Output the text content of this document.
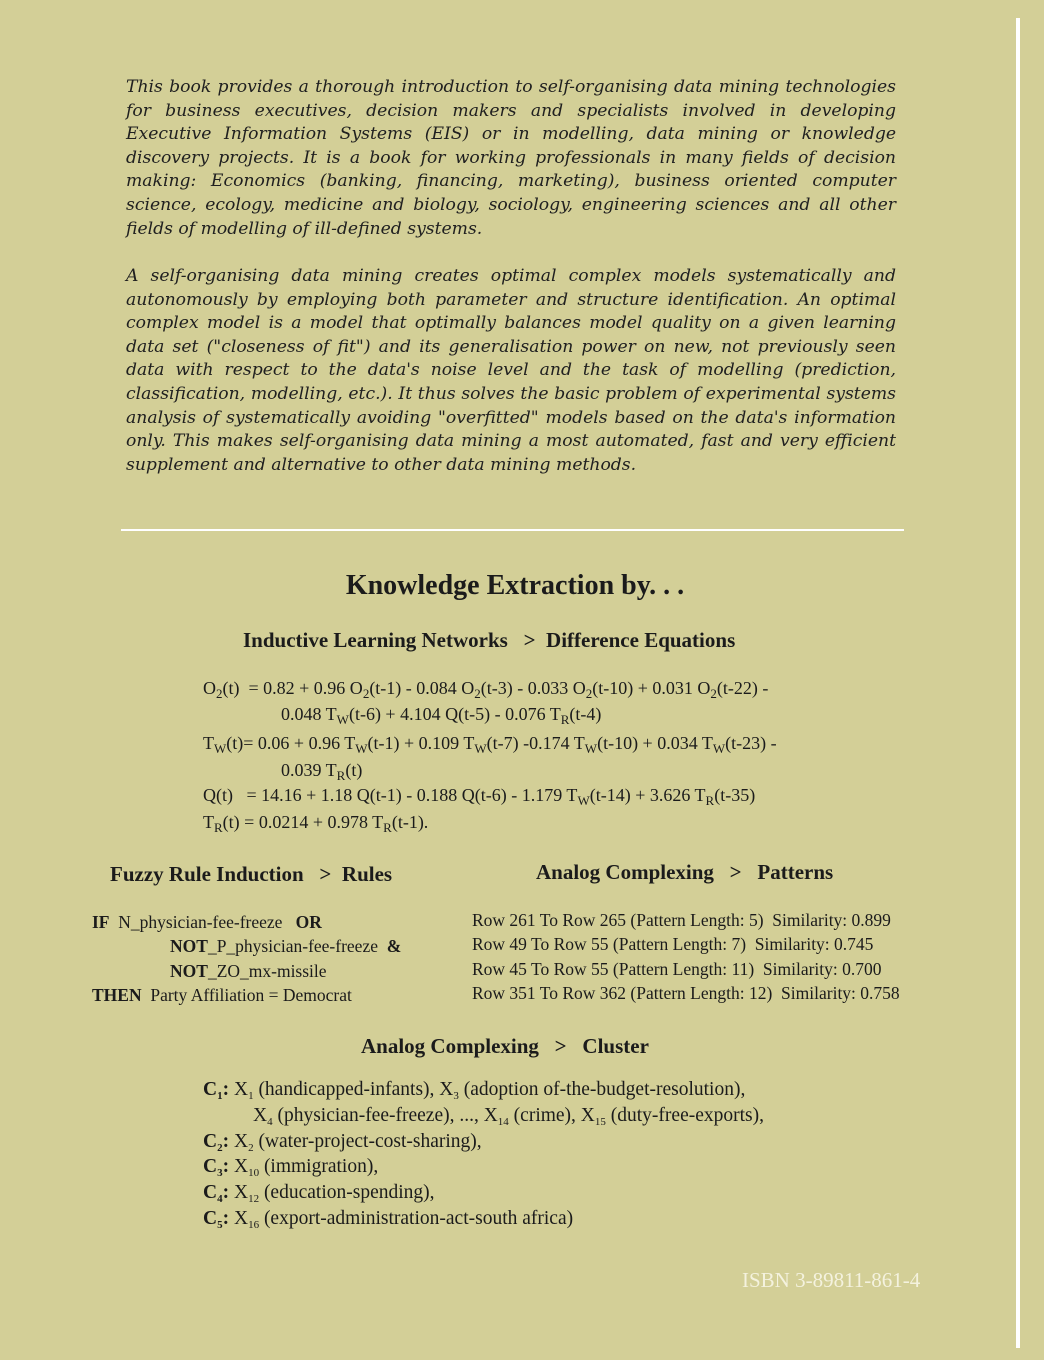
This book provides a thorough introduction to self-organising data mining technologies for business executives, decision makers and specialists involved in developing Executive Information Systems (EIS) or in modelling, data mining or knowledge discovery projects. It is a book for working professionals in many fields of decision making: Economics (banking, financing, marketing), business oriented computer science, ecology, medicine and biology, sociology, engineering sciences and all other fields of modelling of ill-defined systems.

A self-organising data mining creates optimal complex models systematically and autonomously by employing both parameter and structure identification. An optimal complex model is a model that optimally balances model quality on a given learning data set ("closeness of fit") and its generalisation power on new, not previously seen data with respect to the data's noise level and the task of modelling (prediction, classification, modelling, etc.). It thus solves the basic problem of experimental systems analysis of systematically avoiding "overfitted" models based on the data's information only. This makes self-organising data mining a most automated, fast and very efficient supplement and alternative to other data mining methods.

Knowledge Extraction by. . .
Inductive Learning Networks   >  Difference Equations
$O_2(t) = 0.82 + 0.96$ $O_2(t-1) - 0.084$ $O_2(t-3) - 0.033$ $O_2(t-10) + 0.031$ $O_2(t-22)$ -
0.048 $T_W(t-6) + 4.104$ Q(t-5) - 0.076 $T_R(t-4)$
$T_W(t)= 0.06 + 0.96$ $T_W(t-1) + 0.109$ $T_W(t-7)$ -0.174 $T_W(t-10) + 0.034$ $T_W(t-23)$ -
0.039 $T_R(t)$
Q(t)   = 14.16 + 1.18 Q(t-1) - 0.188 Q(t-6) - 1.179 $T_W(t-14) + 3.626$ $T_R(t-35)$
$T_R(t) = 0.0214 + 0.978$ $T_R(t-1)$.
Fuzzy Rule Induction   >  Rules	Analog Complexing   >   Patterns
IF  N_physician-fee-freeze   OR
NOT_P_physician-fee-freeze  &
NOT_ZO_mx-missile
THEN  Party Affiliation = Democrat
Row 261 To Row 265 (Pattern Length: 5)  Similarity: 0.899
Row 49 To Row 55 (Pattern Length: 7)  Similarity: 0.745
Row 45 To Row 55 (Pattern Length: 11)  Similarity: 0.700
Row 351 To Row 362 (Pattern Length: 12)  Similarity: 0.758
Analog Complexing   >   Cluster
$C_1$: $X_1$ (handicapped-infants), $X_3$ (adoption of-the-budget-resolution),
$X_4$ (physician-fee-freeze), ..., $X_{14}$ (crime), $X_{15}$ (duty-free-exports),
$C_2$: $X_2$ (water-project-cost-sharing),
$C_3$: $X_{10}$ (immigration),
$C_4$: $X_{12}$ (education-spending),
$C_5$: $X_{16}$ (export-administration-act-south africa)
ISBN 3-89811-861-4
